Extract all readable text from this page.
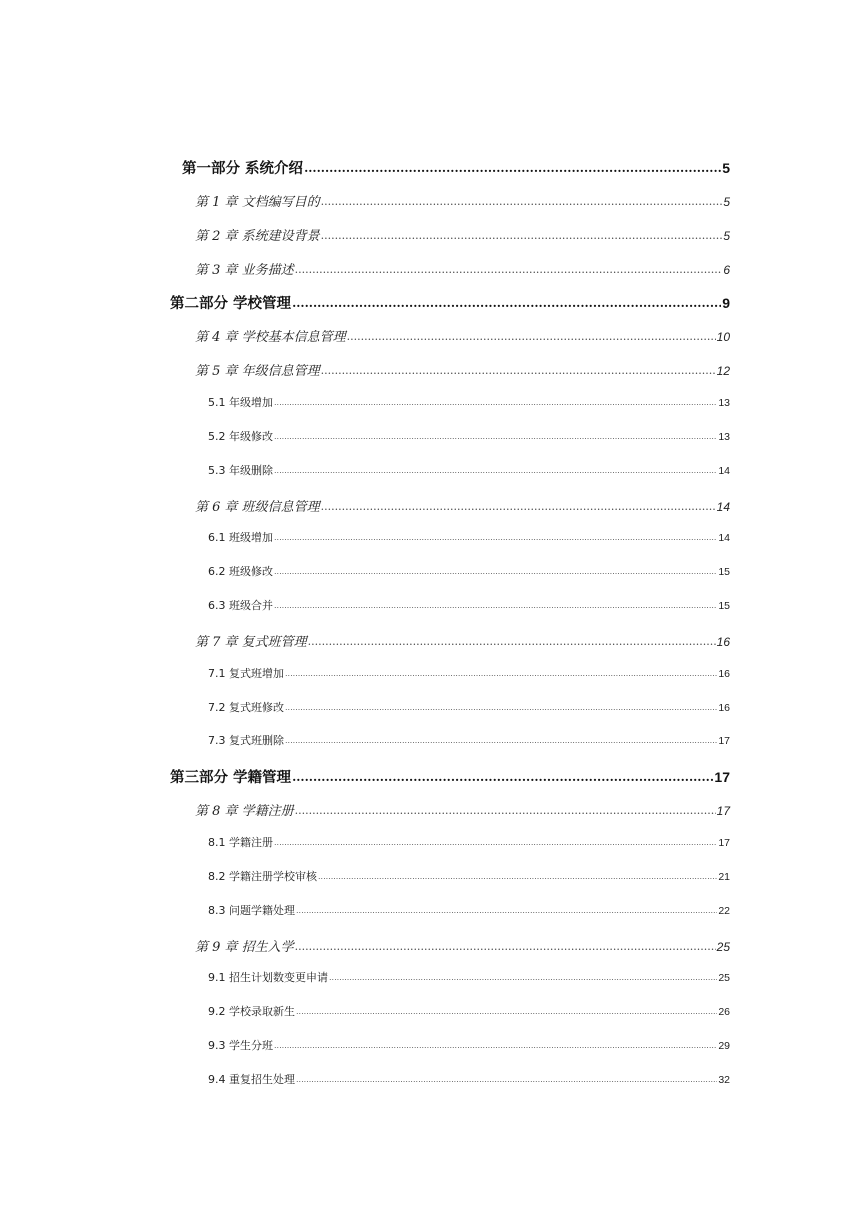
第一部分 系统介绍 .....	5
第 1 章 文档编写目的 .....	5
第 2 章 系统建设背景 .....	5
第 3 章 业务描述 .....	6
第二部分 学校管理 .....	9
第 4 章 学校基本信息管理 .....	10
第 5 章 年级信息管理 .....	12
5.1 年级增加 .....	13
5.2 年级修改 .....	13
5.3 年级删除 .....	14
第 6 章 班级信息管理 .....	14
6.1 班级增加 .....	14
6.2 班级修改 .....	15
6.3 班级合并 .....	15
第 7 章 复式班管理 .....	16
7.1 复式班增加 .....	16
7.2 复式班修改 .....	16
7.3 复式班删除 .....	17
第三部分 学籍管理 .....	17
第 8 章 学籍注册 .....	17
8.1 学籍注册 .....	17
8.2 学籍注册学校审核 .....	21
8.3 问题学籍处理 .....	22
第 9 章 招生入学 .....	25
9.1 招生计划数变更申请 .....	25
9.2 学校录取新生 .....	26
9.3 学生分班 .....	29
9.4 重复招生处理 .....	32
